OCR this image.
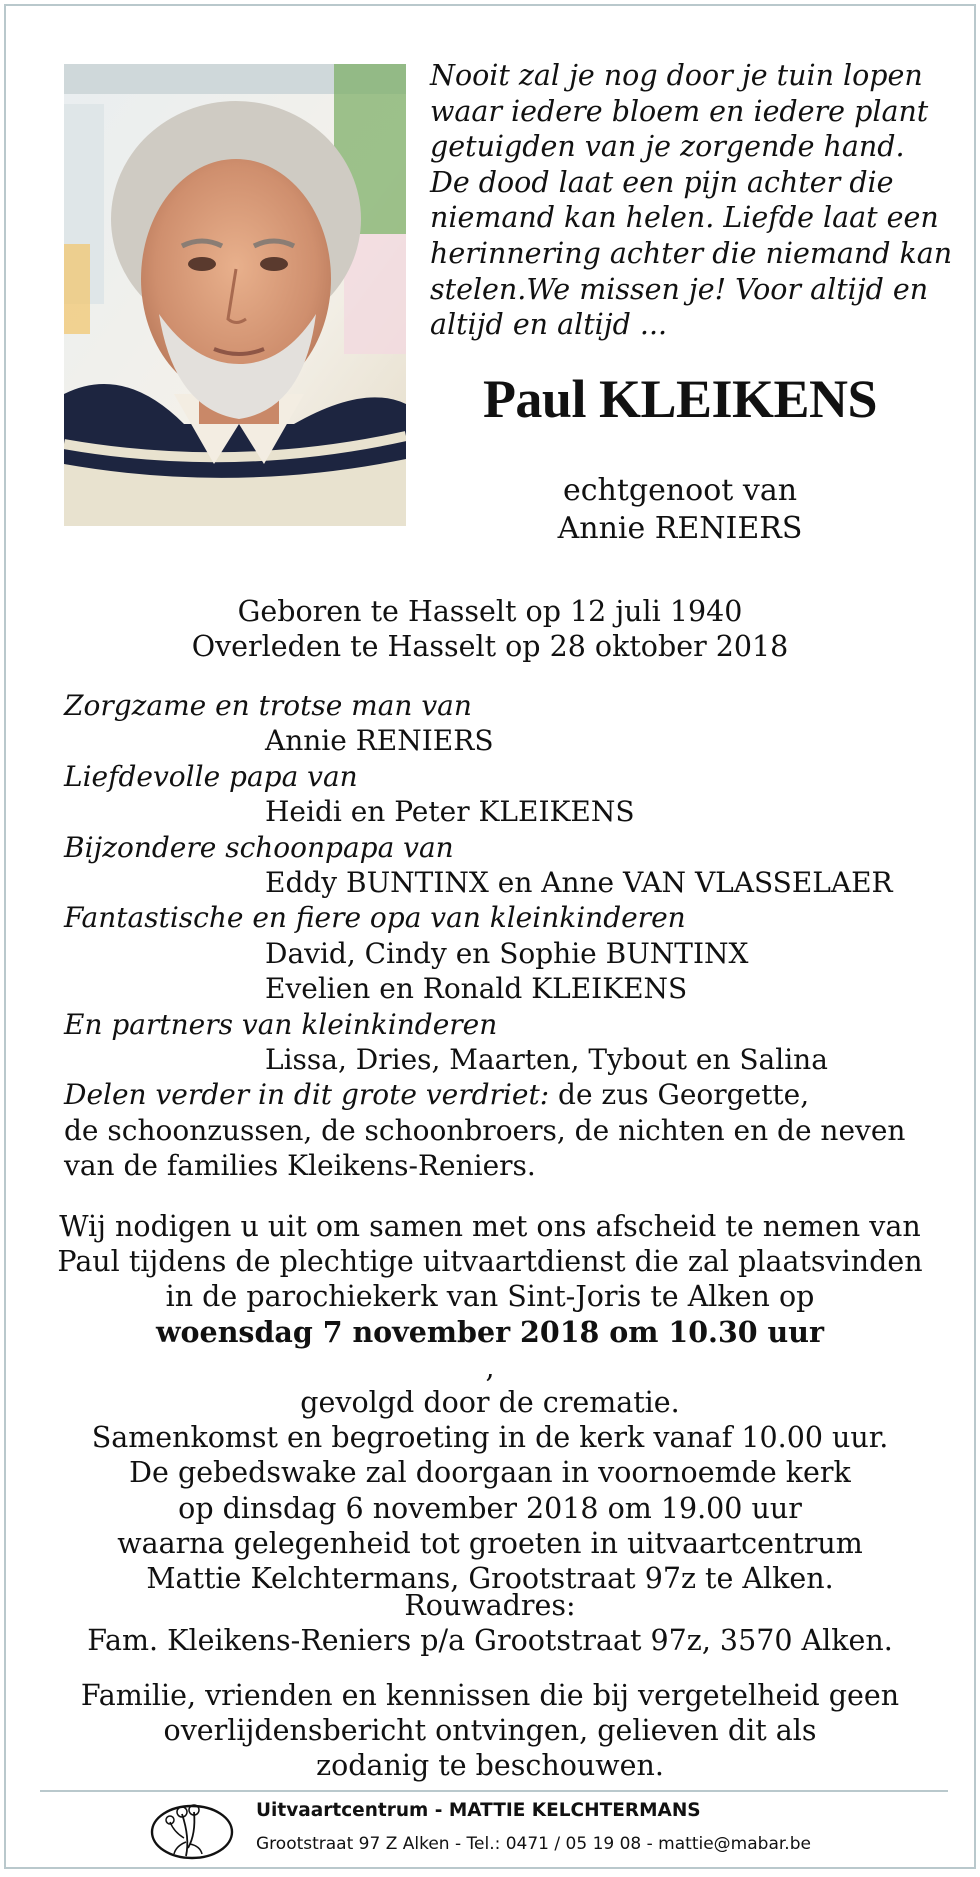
Nooit zal je nog door je tuin lopen
waar iedere bloem en iedere plant
getuigden van je zorgende hand.
De dood laat een pijn achter die
niemand kan helen. Liefde laat een
herinnering achter die niemand kan
stelen.We missen je! Voor altijd en
altijd en altijd ...

Paul KLEIKENS
echtgenoot van
Annie RENIERS
Geboren te Hasselt op 12 juli 1940
Overleden te Hasselt op 28 oktober 2018
Zorgzame en trotse man van
Annie RENIERS
Liefdevolle papa van
Heidi en Peter KLEIKENS
Bijzondere schoonpapa van
Eddy BUNTINX en Anne VAN VLASSELAER
Fantastische en fiere opa van kleinkinderen
David, Cindy en Sophie BUNTINX
Evelien en Ronald KLEIKENS
En partners van kleinkinderen
Lissa, Dries, Maarten, Tybout en Salina
Delen verder in dit grote verdriet: de zus Georgette,
de schoonzussen, de schoonbroers, de nichten en de neven
van de families Kleikens-Reniers.
Wij nodigen u uit om samen met ons afscheid te nemen van
Paul tijdens de plechtige uitvaartdienst die zal plaatsvinden
in de parochiekerk van Sint-Joris te Alken op
woensdag 7 november 2018 om 10.30 uur
,
gevolgd door de crematie.
Samenkomst en begroeting in de kerk vanaf 10.00 uur.
De gebedswake zal doorgaan in voornoemde kerk
op dinsdag 6 november 2018 om 19.00 uur
waarna gelegenheid tot groeten in uitvaartcentrum
Mattie Kelchtermans, Grootstraat 97z te Alken.
Rouwadres:
Fam. Kleikens-Reniers p/a Grootstraat 97z, 3570 Alken.
Familie, vrienden en kennissen die bij vergetelheid geen
overlijdensbericht ontvingen, gelieven dit als
zodanig te beschouwen.
Uitvaartcentrum - MATTIE KELCHTERMANS
Grootstraat 97 Z Alken - Tel.: 0471 / 05 19 08 - mattie@mabar.be
